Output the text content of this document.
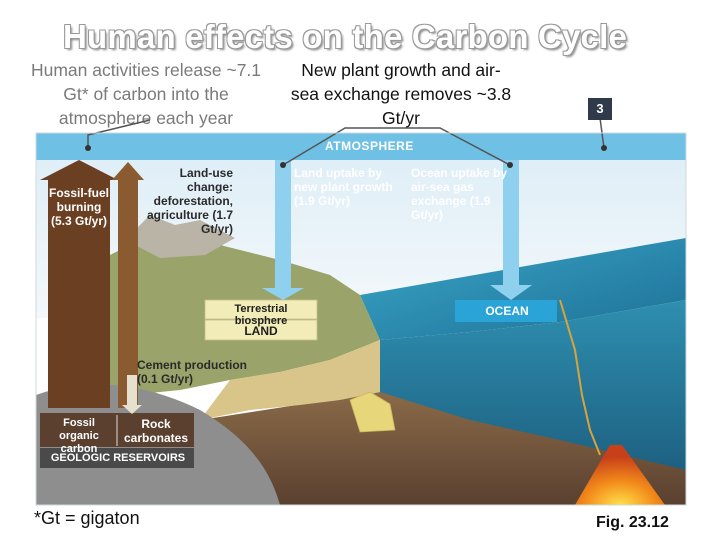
Human effects on the Carbon Cycle
Human activities release ~7.1 Gt* of carbon into the atmosphere each year
New plant growth and air-sea exchange removes ~3.8 Gt/yr
ATMOSPHERE
Land-use change: deforestation, agriculture (1.7 Gt/yr)
Land uptake by new plant growth (1.9 Gt/yr)
Ocean uptake by air-sea gas exchange (1.9 Gt/yr)
Fossil-fuel burning (5.3 Gt/yr)
Terrestrial biosphere
LAND
OCEAN
Cement production (0.1 Gt/yr)
Fossil organic carbon
Rock carbonates
GEOLOGIC RESERVOIRS
3
*Gt = gigaton	Fig. 23.12
